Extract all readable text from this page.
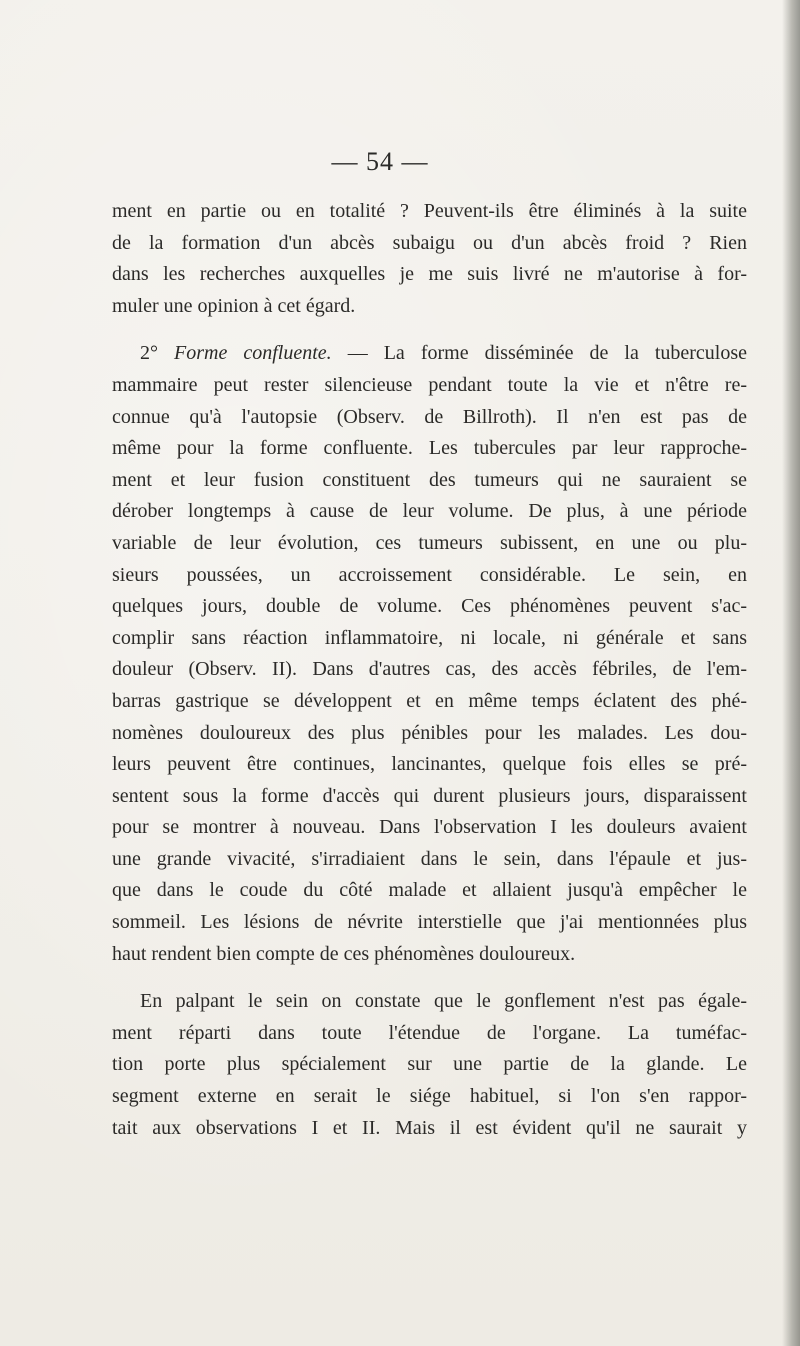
— 54 —
ment en partie ou en totalité ? Peuvent-ils être éliminés à la suite
de la formation d'un abcès subaigu ou d'un abcès froid ? Rien
dans les recherches auxquelles je me suis livré ne m'autorise à for-
muler une opinion à cet égard.
2° Forme confluente. — La forme disséminée de la tuberculose
mammaire peut rester silencieuse pendant toute la vie et n'être re-
connue qu'à l'autopsie (Observ. de Billroth). Il n'en est pas de
même pour la forme confluente. Les tubercules par leur rapproche-
ment et leur fusion constituent des tumeurs qui ne sauraient se
dérober longtemps à cause de leur volume. De plus, à une période
variable de leur évolution, ces tumeurs subissent, en une ou plu-
sieurs poussées, un accroissement considérable. Le sein, en
quelques jours, double de volume. Ces phénomènes peuvent s'ac-
complir sans réaction inflammatoire, ni locale, ni générale et sans
douleur (Observ. II). Dans d'autres cas, des accès fébriles, de l'em-
barras gastrique se développent et en même temps éclatent des phé-
nomènes douloureux des plus pénibles pour les malades. Les dou-
leurs peuvent être continues, lancinantes, quelque fois elles se pré-
sentent sous la forme d'accès qui durent plusieurs jours, disparaissent
pour se montrer à nouveau. Dans l'observation I les douleurs avaient
une grande vivacité, s'irradiaient dans le sein, dans l'épaule et jus-
que dans le coude du côté malade et allaient jusqu'à empêcher le
sommeil. Les lésions de névrite interstielle que j'ai mentionnées plus
haut rendent bien compte de ces phénomènes douloureux.
En palpant le sein on constate que le gonflement n'est pas égale-
ment réparti dans toute l'étendue de l'organe. La tuméfac-
tion porte plus spécialement sur une partie de la glande. Le
segment externe en serait le siége habituel, si l'on s'en rappor-
tait aux observations I et II. Mais il est évident qu'il ne saurait y
